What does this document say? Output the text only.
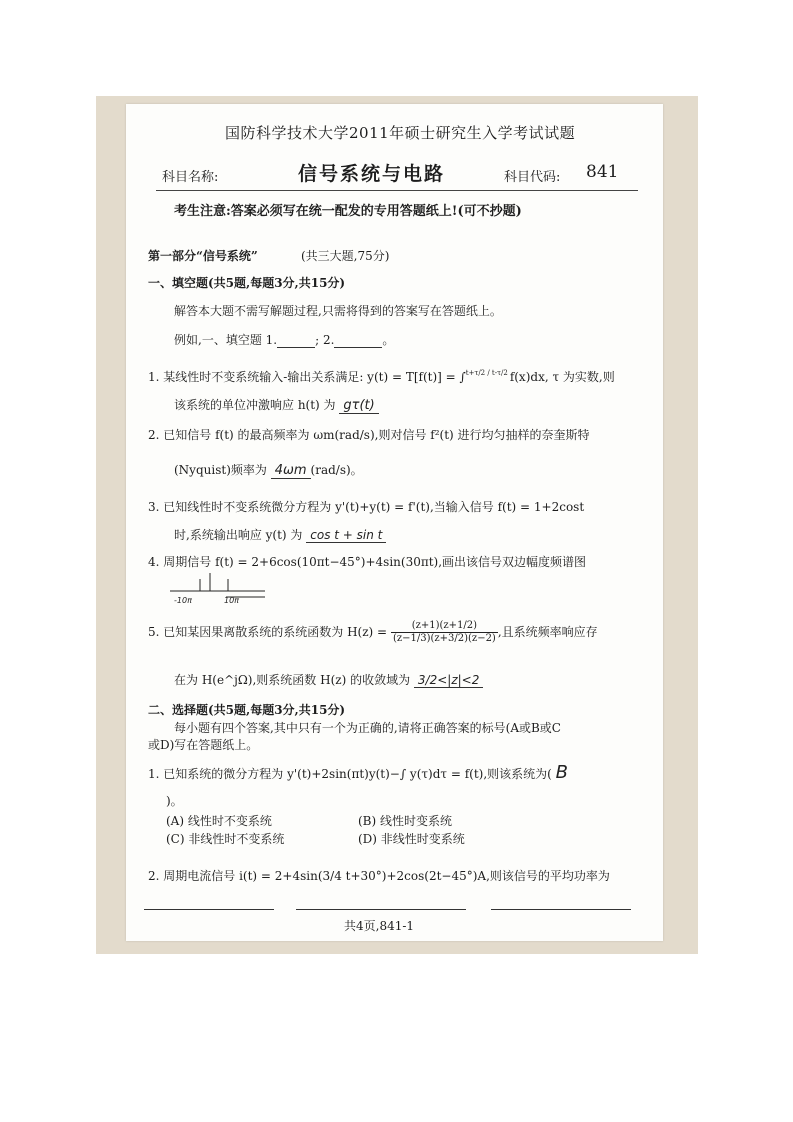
国防科学技术大学2011年硕士研究生入学考试试题
科目名称:	信号系统与电路	科目代码: 841
考生注意:答案必须写在统一配发的专用答题纸上!(可不抄题)
第一部分“信号系统”	(共三大题,75分)
一、填空题(共5题,每题3分,共15分)
解答本大题不需写解题过程,只需将得到的答案写在答题纸上。
例如,一、填空题 1.	; 2.	。
1. 某线性时不变系统输入-输出关系满足: y(t) = T[f(t)] = ∫$^{t+\tau/2 / t-\tau/2}$ f(x)dx, τ 为实数,则
该系统的单位冲激响应 h(t) 为 gτ(t)
2. 已知信号 f(t) 的最高频率为 ωm(rad/s),则对信号 f²(t) 进行均匀抽样的奈奎斯特
(Nyquist)频率为 4ωm (rad/s)。
3. 已知线性时不变系统微分方程为 y'(t)+y(t) = f'(t),当输入信号 f(t) = 1+2cost
时,系统输出响应 y(t) 为 cos t + sin t
4. 周期信号 f(t) = 2+6cos(10πt−45°)+4sin(30πt),画出该信号双边幅度频谱图
-10π	10π
5. 已知某因果离散系统的系统函数为 $H(z) = \frac{(z+1)(z+1/2)}{(z-1/3)(z+3/2)(z-2)}$ ,且系统频率响应存
在为 H(e^jΩ),则系统函数 H(z) 的收敛域为 3/2<|z|<2
二、选择题(共5题,每题3分,共15分)
每小题有四个答案,其中只有一个为正确的,请将正确答案的标号(A或B或C
或D)写在答题纸上。
1. 已知系统的微分方程为 y'(t)+2sin(πt)y(t)−∫ y(τ)dτ = f(t),则该系统为( B
)。
(A) 线性时不变系统	(B) 线性时变系统
(C) 非线性时不变系统	(D) 非线性时变系统
2. 周期电流信号 i(t) = 2+4sin(3/4 t+30°)+2cos(2t−45°)A,则该信号的平均功率为
共4页,841-1
